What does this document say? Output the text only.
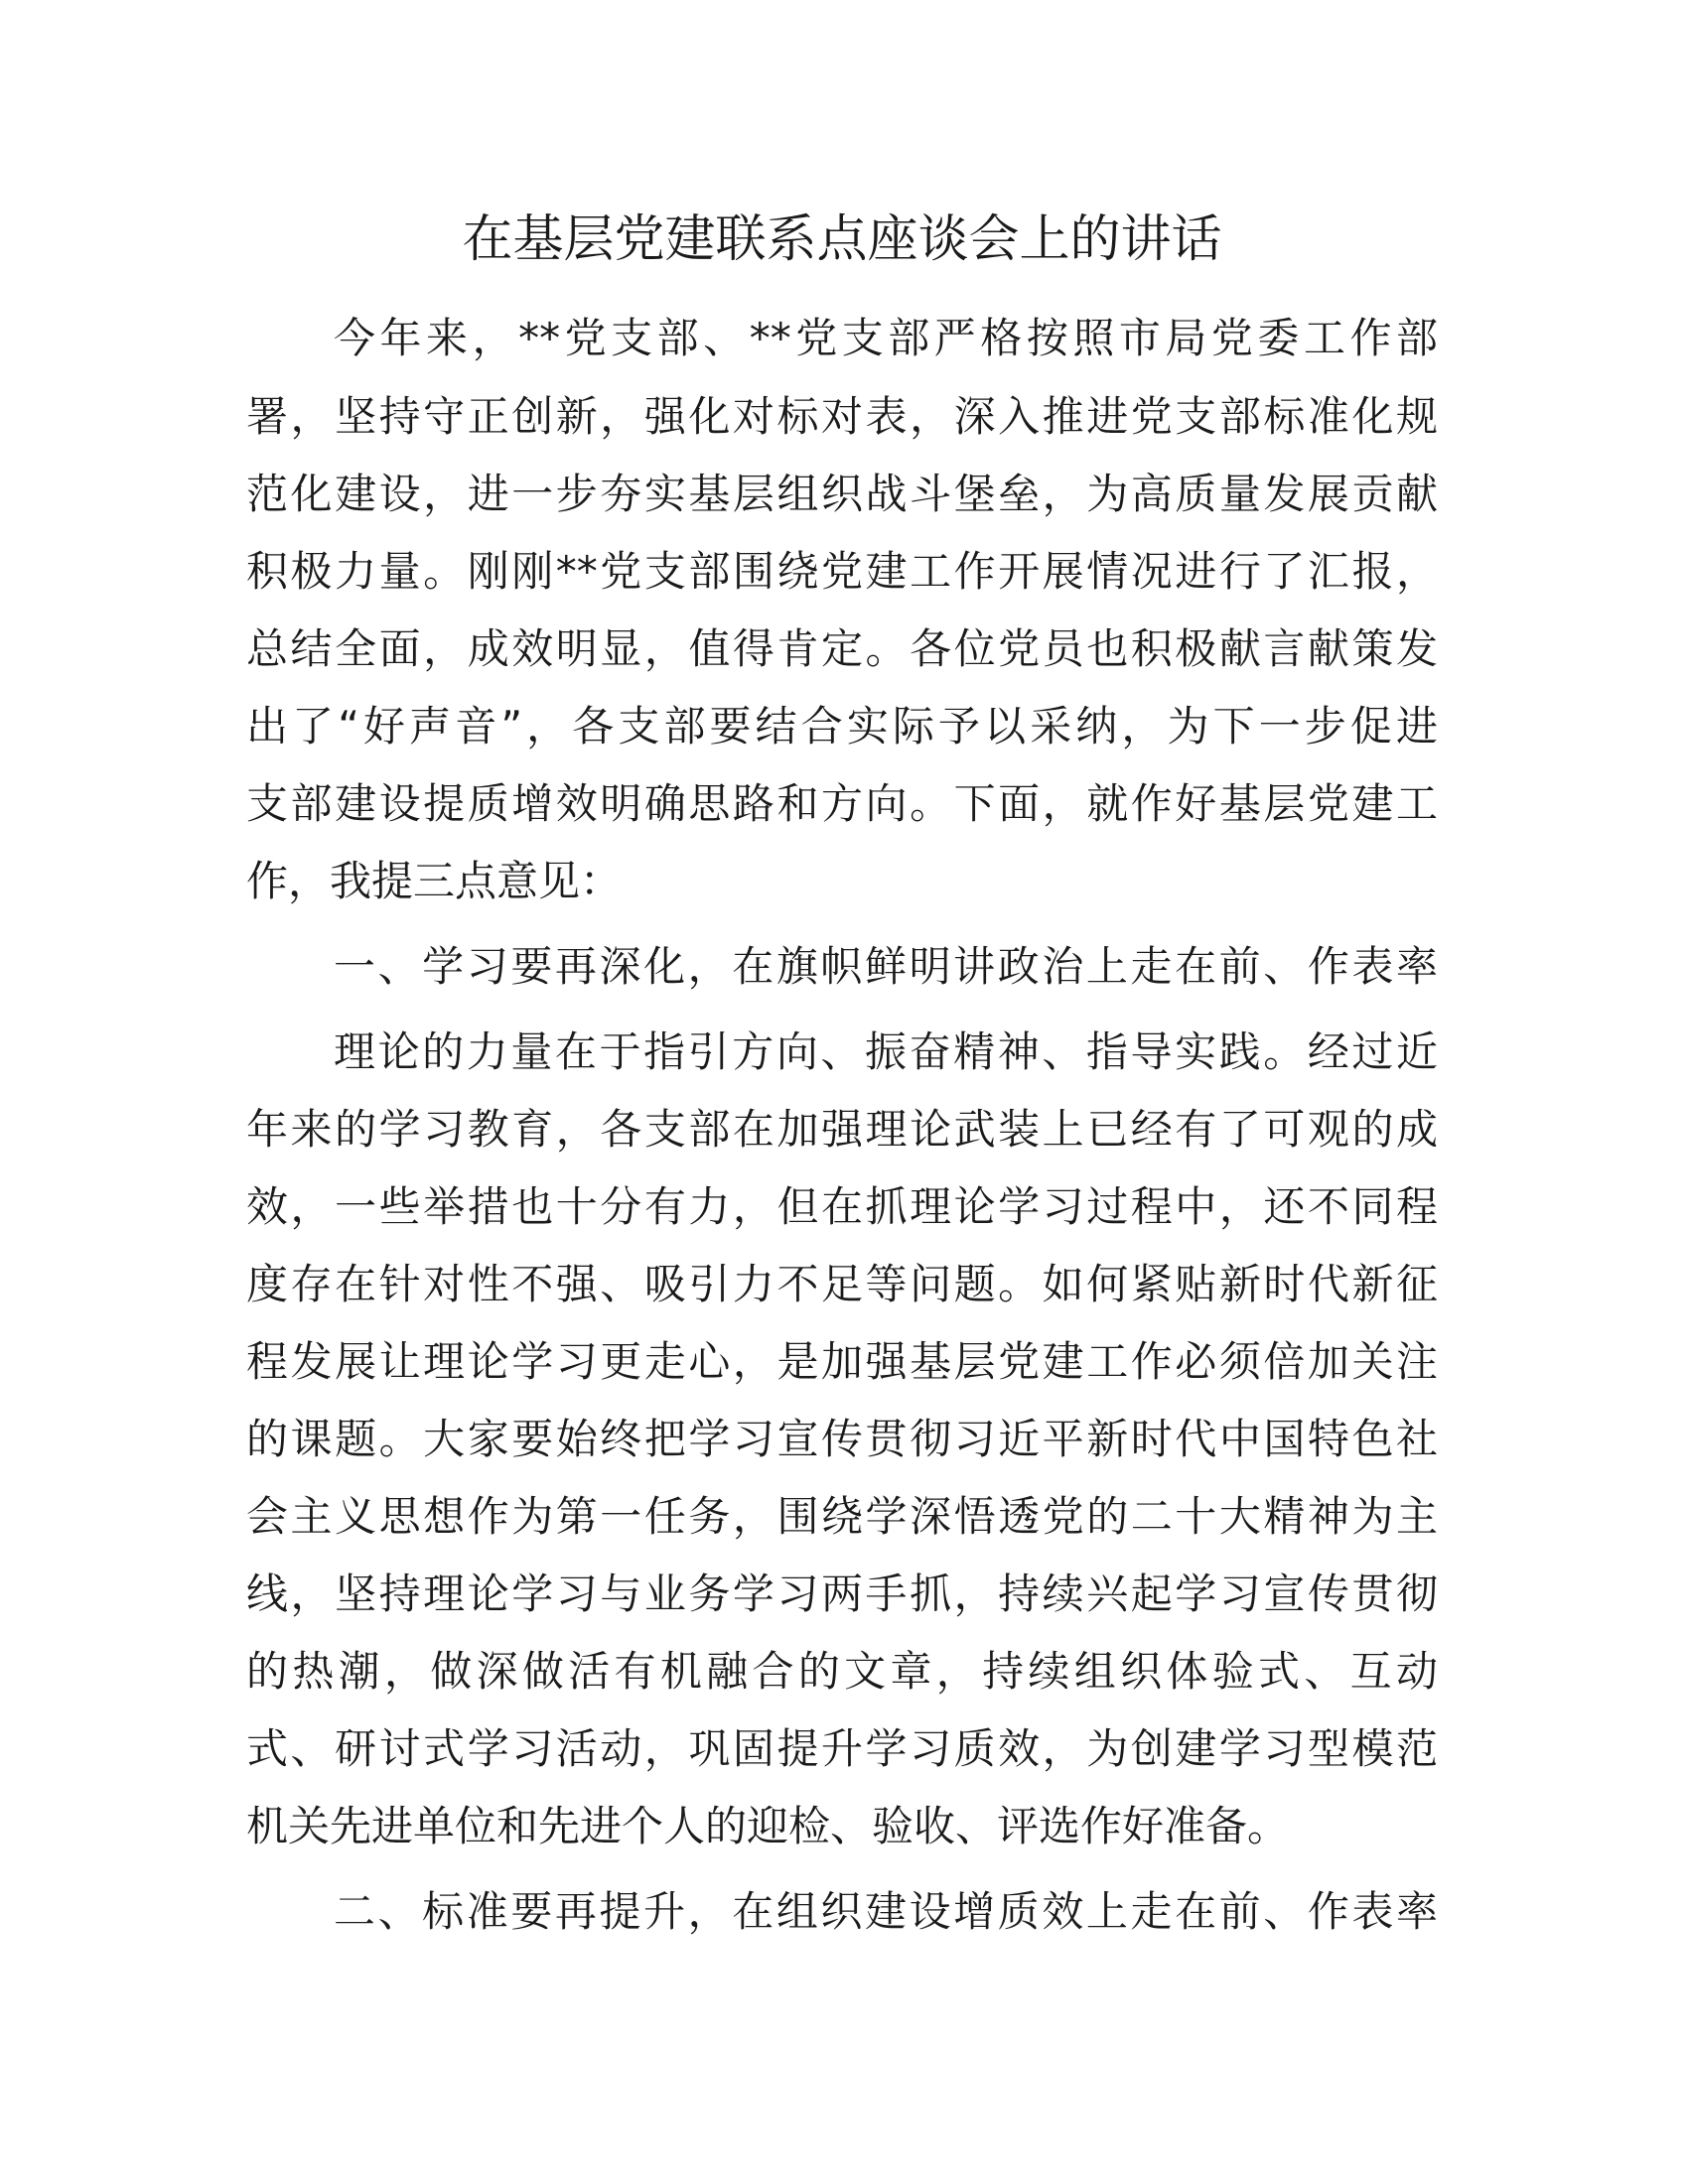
在基层党建联系点座谈会上的讲话
今年来，**党支部、**党支部严格按照市局党委工作部
署，坚持守正创新，强化对标对表，深入推进党支部标准化规
范化建设，进一步夯实基层组织战斗堡垒，为高质量发展贡献
积极力量。刚刚**党支部围绕党建工作开展情况进行了汇报，
总结全面，成效明显，值得肯定。各位党员也积极献言献策发
出了“好声音”，各支部要结合实际予以采纳，为下一步促进
支部建设提质增效明确思路和方向。下面，就作好基层党建工
作，我提三点意见：
一、学习要再深化，在旗帜鲜明讲政治上走在前、作表率
理论的力量在于指引方向、振奋精神、指导实践。经过近
年来的学习教育，各支部在加强理论武装上已经有了可观的成
效，一些举措也十分有力，但在抓理论学习过程中，还不同程
度存在针对性不强、吸引力不足等问题。如何紧贴新时代新征
程发展让理论学习更走心，是加强基层党建工作必须倍加关注
的课题。大家要始终把学习宣传贯彻习近平新时代中国特色社
会主义思想作为第一任务，围绕学深悟透党的二十大精神为主
线，坚持理论学习与业务学习两手抓，持续兴起学习宣传贯彻
的热潮，做深做活有机融合的文章，持续组织体验式、互动
式、研讨式学习活动，巩固提升学习质效，为创建学习型模范
机关先进单位和先进个人的迎检、验收、评选作好准备。
二、标准要再提升，在组织建设增质效上走在前、作表率
